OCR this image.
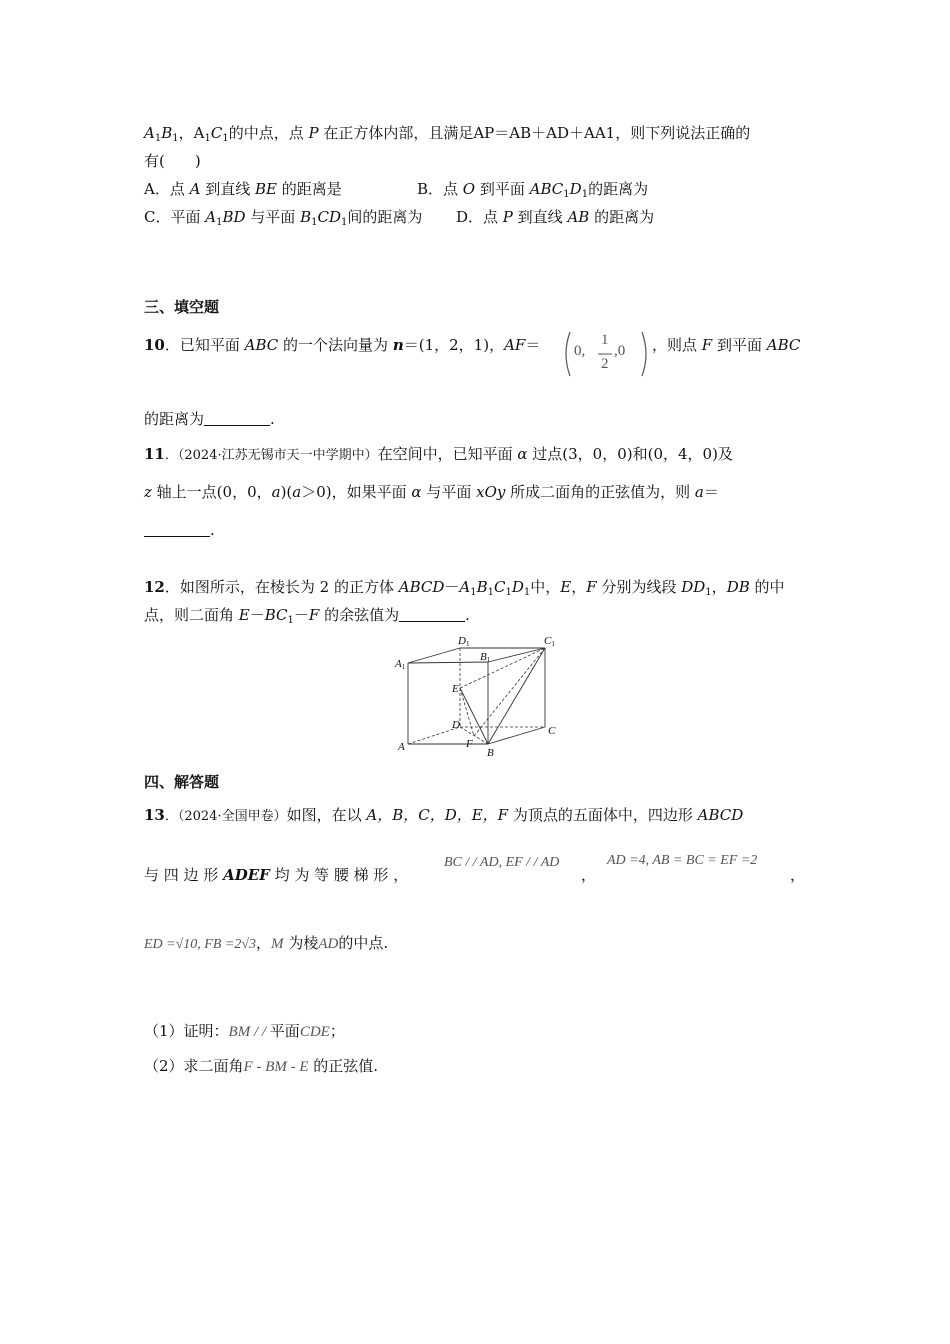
$A_1B_1$，$A_1C_1$的中点，点 P 在正方体内部，且满足AP＝AB＋AD＋AA1，则下列说法正确的
有(　　)
A．点 A 到直线 BE 的距离是	B．点 O 到平面 $ABC_1D_1$的距离为
C．平面 $A_1BD$ 与平面 $B_1CD_1$间的距离为 D．点 P 到直线 AB 的距离为
三、填空题
10．已知平面 ABC 的一个法向量为 n＝(1，2，1)，AF＝ 0,
1
2
,0 ，则点 F 到平面 ABC
的距离为	.
11．（2024·江苏无锡市天一中学期中）在空间中，已知平面 α 过点(3，0，0)和(0，4，0)及
z 轴上一点(0，0，a)(a＞0)，如果平面 α 与平面 xOy 所成二面角的正弦值为，则 a＝
.
12．如图所示，在棱长为 2 的正方体 $ABCD-A_1B_1C_1D_1$中，E，F 分别为线段 $DD_1$，DB 的中
点，则二面角 $E-BC_1-F$ 的余弦值为	.
D1	C1
A1
B1
E
D	C
A	F
B
四、解答题
13．（2024·全国甲卷）如图，在以 A，B，C，D，E，F 为顶点的五面体中，四边形 ABCD
与 四 边 形 ADEF 均 为 等 腰 梯 形 ，
BC / / AD, EF / / AD
，
AD =4, AB = BC = EF =2
，
ED =√10, FB =2√3，M 为棱AD的中点.
（1）证明：BM / / 平面CDE；
（2）求二面角F - BM - E 的正弦值.
